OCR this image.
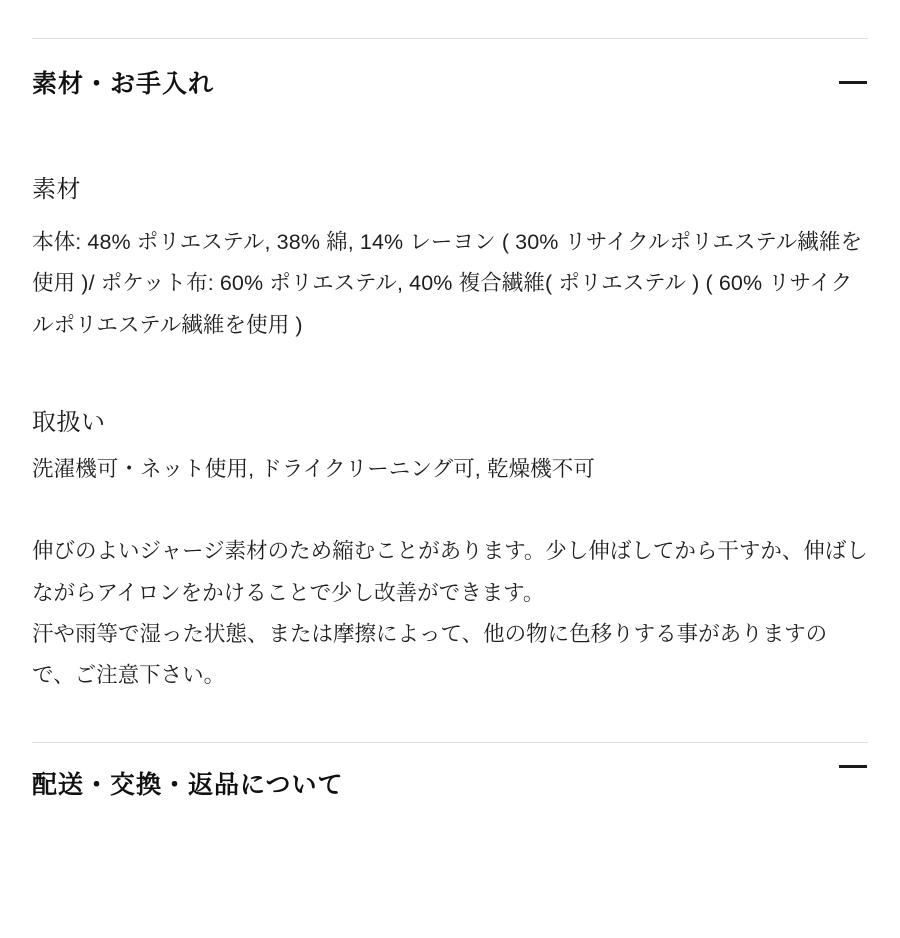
素材・お手入れ
素材
本体: 48% ポリエステル, 38% 綿, 14% レーヨン ( 30% リサイクルポリエステル繊維を使用 )/ ポケット布: 60% ポリエステル, 40% 複合繊維( ポリエステル ) ( 60% リサイクルポリエステル繊維を使用 )
取扱い
洗濯機可・ネット使用, ドライクリーニング可, 乾燥機不可
伸びのよいジャージ素材のため縮むことがあります。少し伸ばしてから干すか、伸ばしながらアイロンをかけることで少し改善ができます。
汗や雨等で湿った状態、または摩擦によって、他の物に色移りする事がありますので、ご注意下さい。
配送・交換・返品について
